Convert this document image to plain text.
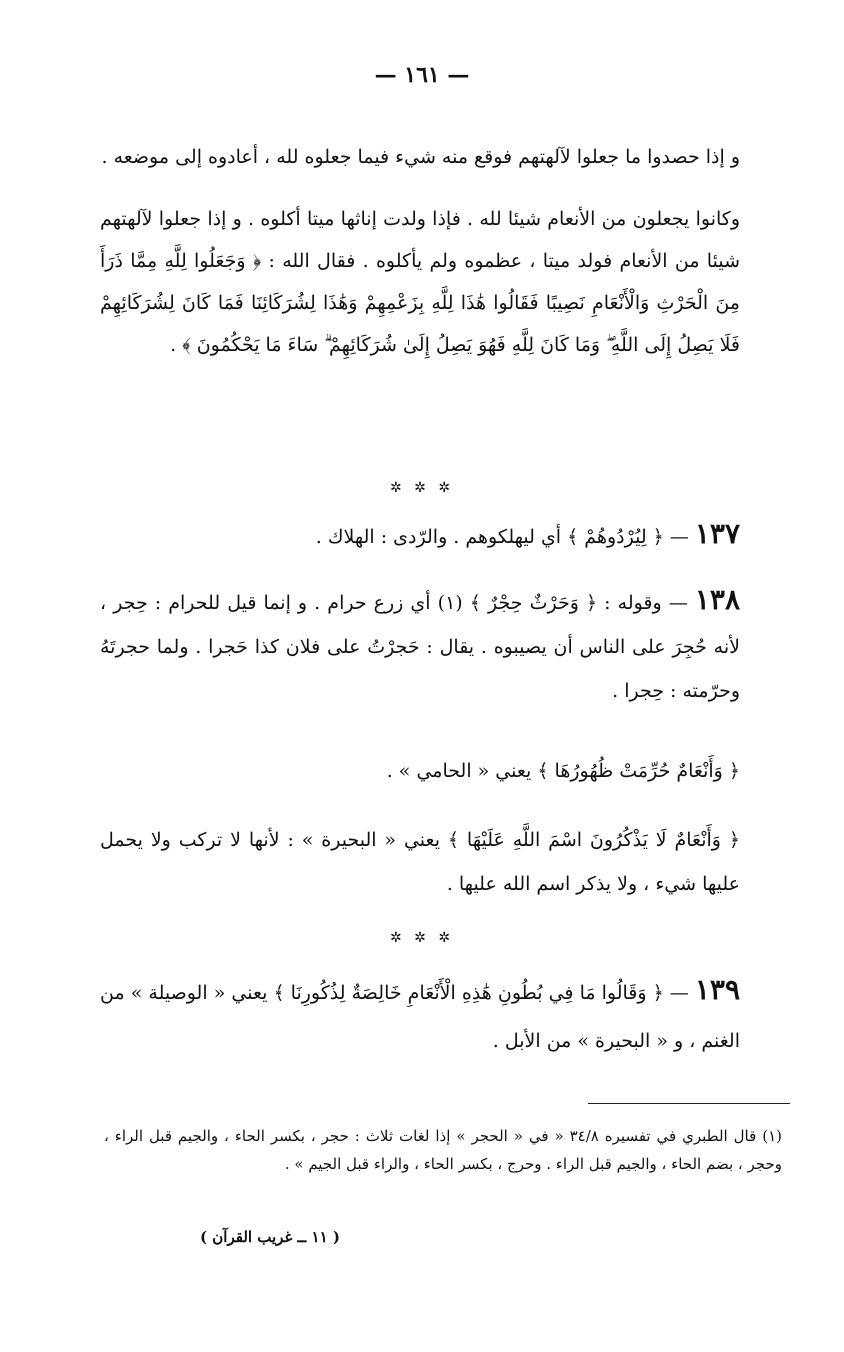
— ١٦١ —
و إذا حصدوا ما جعلوا لآلهتهم فوقع منه شيء فيما جعلوه لله ، أعادوه إلى موضعه .
وكانوا يجعلون من الأنعام شيئا لله . فإذا ولدت إناثها ميتا أكلوه . و إذا جعلوا لآلهتهم شيئا من الأنعام فولد ميتا ، عظموه ولم يأكلوه . فقال الله : ﴿ وَجَعَلُوا لِلَّهِ مِمَّا ذَرَأَ مِنَ الْحَرْثِ وَالْأَنْعَامِ نَصِيبًا فَقَالُوا هَٰذَا لِلَّهِ بِزَعْمِهِمْ وَهَٰذَا لِشُرَكَائِنَا فَمَا كَانَ لِشُرَكَائِهِمْ فَلَا يَصِلُ إِلَى اللَّهِ ۖ وَمَا كَانَ لِلَّهِ فَهُوَ يَصِلُ إِلَىٰ شُرَكَائِهِمْ ۗ سَاءَ مَا يَحْكُمُونَ ﴾ .
✲ ✲ ✲
١٣٧ — ﴿ لِيُرْدُوهُمْ ﴾ أي ليهلكوهم . والرّدى : الهلاك .
١٣٨ — وقوله : ﴿ وَحَرْثٌ حِجْرٌ ﴾ (١) أي زرع حرام . و إنما قيل للحرام : حِجر ، لأنه حُجِرَ على الناس أن يصيبوه . يقال : حَجرْتُ على فلان كذا حَجرا . ولما حجرتَهُ وحرّمته : حِجرا .
﴿ وَأَنْعَامٌ حُرِّمَتْ ظُهُورُهَا ﴾ يعني « الحامي » .
﴿ وَأَنْعَامٌ لَا يَذْكُرُونَ اسْمَ اللَّهِ عَلَيْهَا ﴾ يعني « البحيرة » : لأنها لا تركب ولا يحمل عليها شيء ، ولا يذكر اسم الله عليها .
✲ ✲ ✲
١٣٩ — ﴿ وَقَالُوا مَا فِي بُطُونِ هَٰذِهِ الْأَنْعَامِ خَالِصَةٌ لِذُكُورِنَا ﴾ يعني « الوصيلة » من الغنم ، و « البحيرة » من الأبل .
(١) قال الطبري في تفسيره ٣٤/٨ « في « الحجر » إذا لغات ثلاث : حجر ، بكسر الحاء ، والجيم قبل الراء ، وحجر ، بضم الحاء ، والجيم قبل الراء . وحرج ، بكسر الحاء ، والراء قبل الجيم » .
( ١١ ــ غريب القرآن )
